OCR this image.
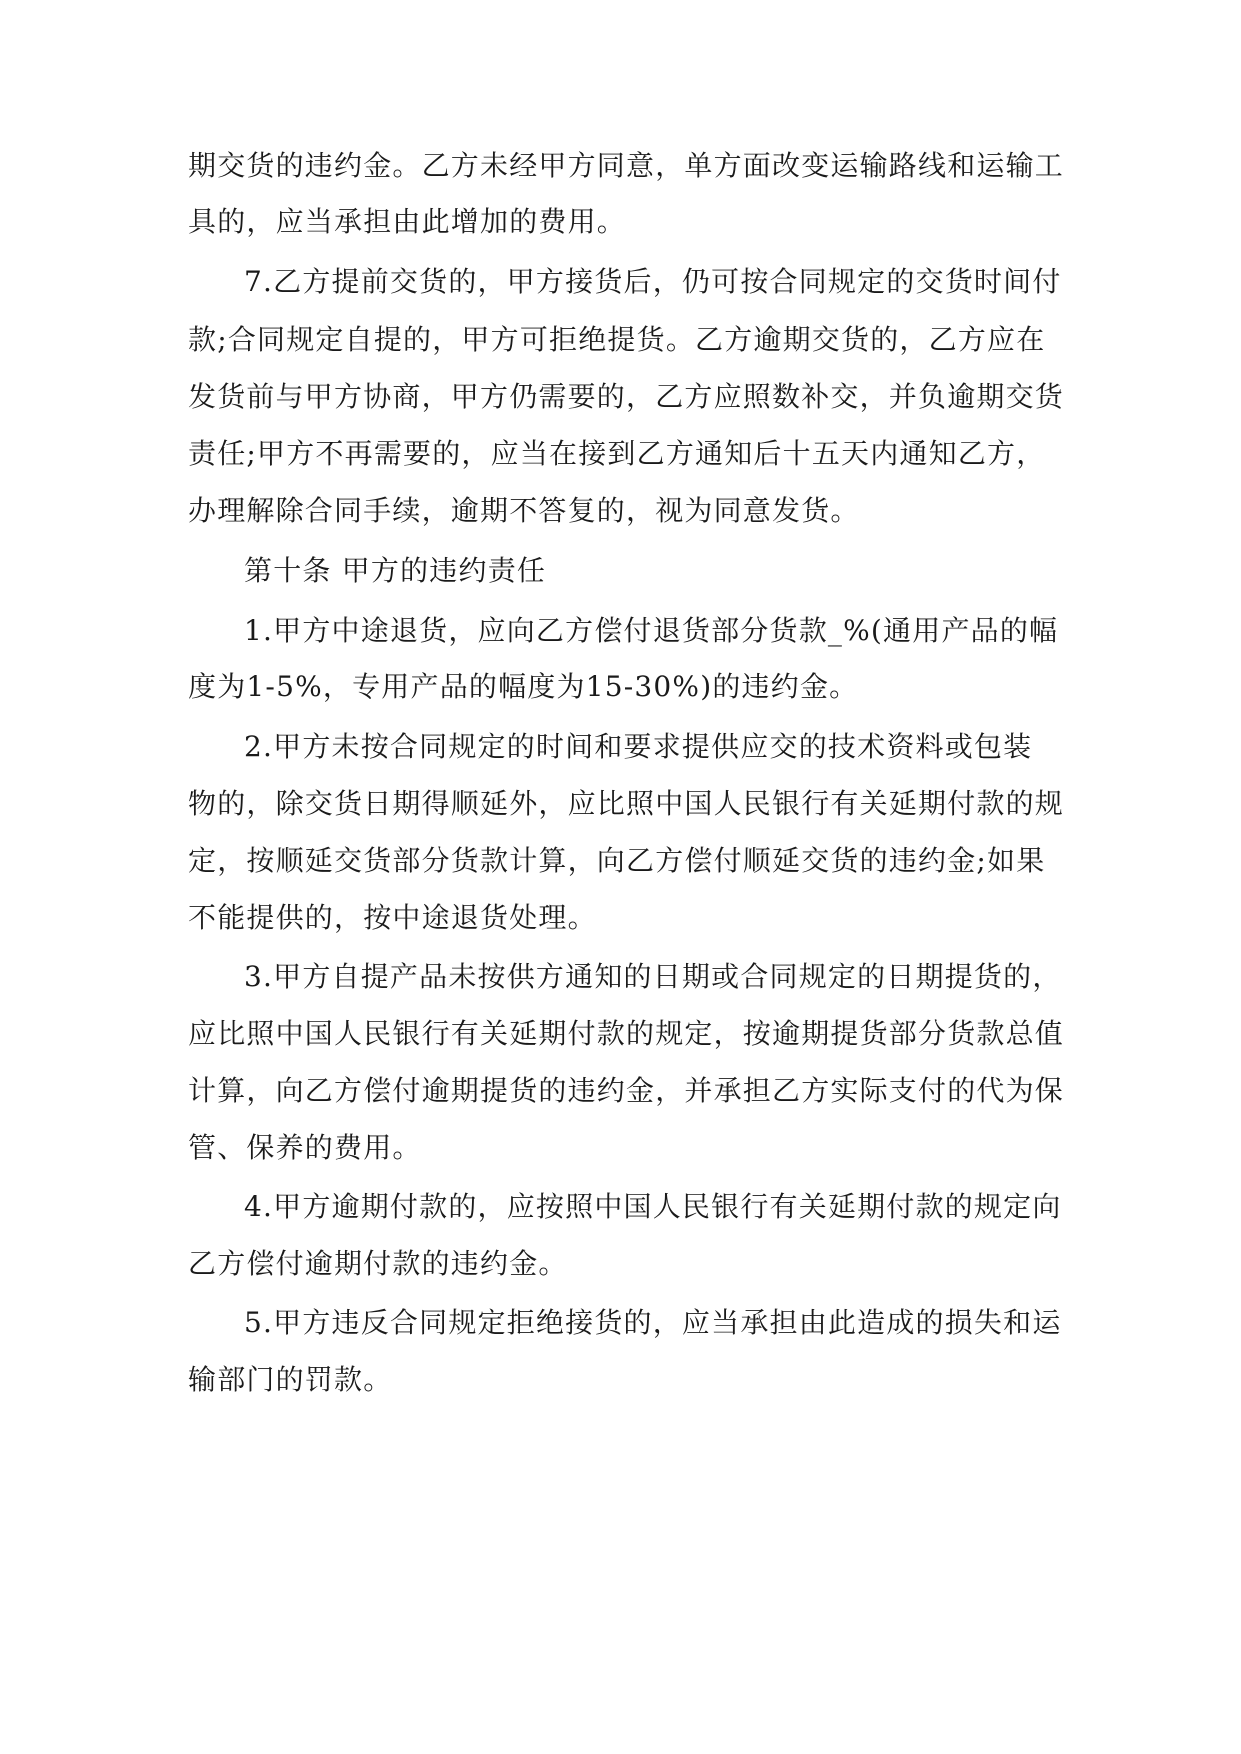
期交货的违约金。乙方未经甲方同意，单方面改变运输路线和运输工
具的，应当承担由此增加的费用。
7.乙方提前交货的，甲方接货后，仍可按合同规定的交货时间付
款;合同规定自提的，甲方可拒绝提货。乙方逾期交货的，乙方应在
发货前与甲方协商，甲方仍需要的，乙方应照数补交，并负逾期交货
责任;甲方不再需要的，应当在接到乙方通知后十五天内通知乙方，
办理解除合同手续，逾期不答复的，视为同意发货。
第十条 甲方的违约责任
1.甲方中途退货，应向乙方偿付退货部分货款_%(通用产品的幅
度为1-5%，专用产品的幅度为15-30%)的违约金。
2.甲方未按合同规定的时间和要求提供应交的技术资料或包装
物的，除交货日期得顺延外，应比照中国人民银行有关延期付款的规
定，按顺延交货部分货款计算，向乙方偿付顺延交货的违约金;如果
不能提供的，按中途退货处理。
3.甲方自提产品未按供方通知的日期或合同规定的日期提货的，
应比照中国人民银行有关延期付款的规定，按逾期提货部分货款总值
计算，向乙方偿付逾期提货的违约金，并承担乙方实际支付的代为保
管、保养的费用。
4.甲方逾期付款的，应按照中国人民银行有关延期付款的规定向
乙方偿付逾期付款的违约金。
5.甲方违反合同规定拒绝接货的，应当承担由此造成的损失和运
输部门的罚款。
